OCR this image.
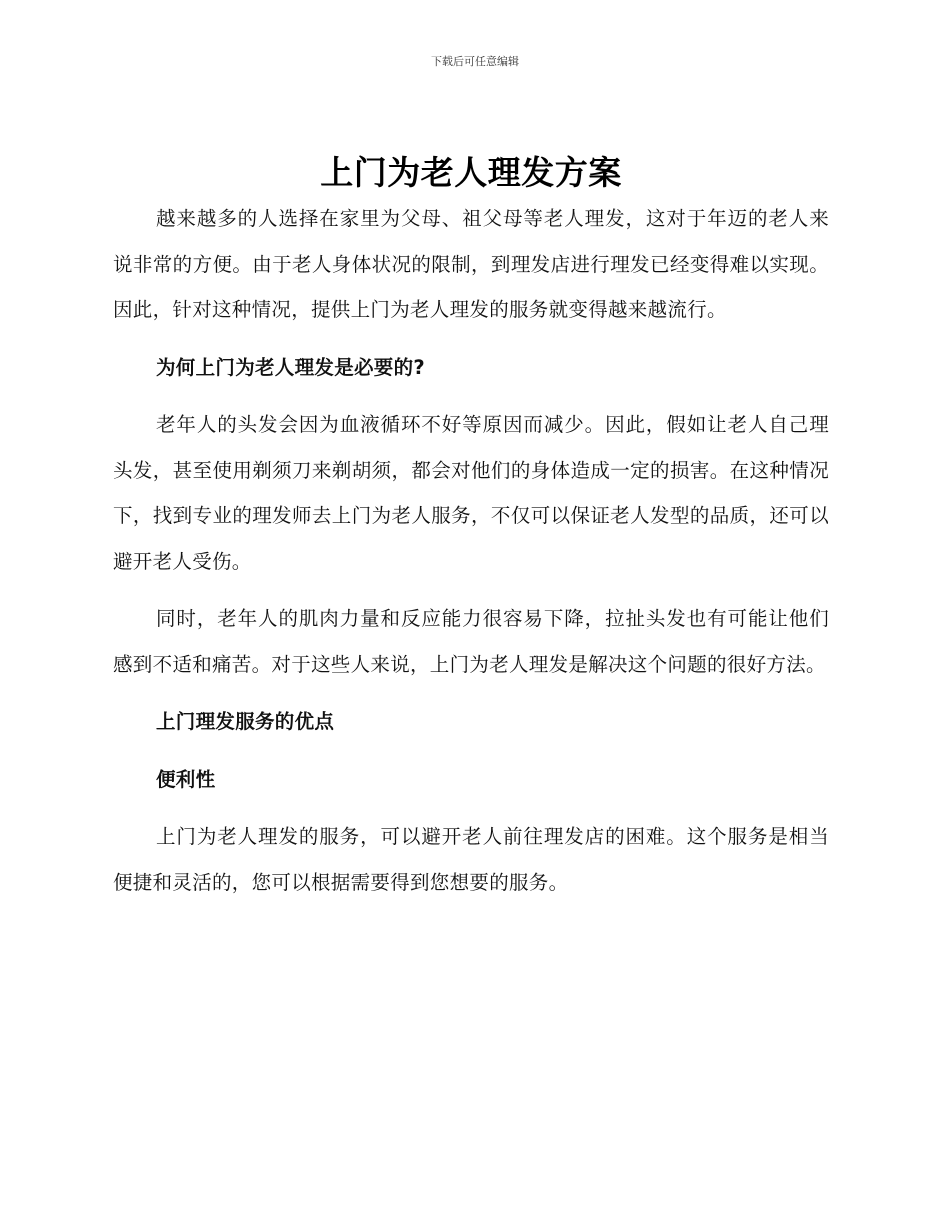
下载后可任意编辑
上门为老人理发方案

越来越多的人选择在家里为父母、祖父母等老人理发，这对于年迈的老人来说非常的方便。由于老人身体状况的限制，到理发店进行理发已经变得难以实现。因此，针对这种情况，提供上门为老人理发的服务就变得越来越流行。

为何上门为老人理发是必要的?

老年人的头发会因为血液循环不好等原因而减少。因此，假如让老人自己理头发，甚至使用剃须刀来剃胡须，都会对他们的身体造成一定的损害。在这种情况下，找到专业的理发师去上门为老人服务，不仅可以保证老人发型的品质，还可以避开老人受伤。

同时，老年人的肌肉力量和反应能力很容易下降，拉扯头发也有可能让他们感到不适和痛苦。对于这些人来说，上门为老人理发是解决这个问题的很好方法。

上门理发服务的优点

便利性

上门为老人理发的服务，可以避开老人前往理发店的困难。这个服务是相当便捷和灵活的，您可以根据需要得到您想要的服务。
